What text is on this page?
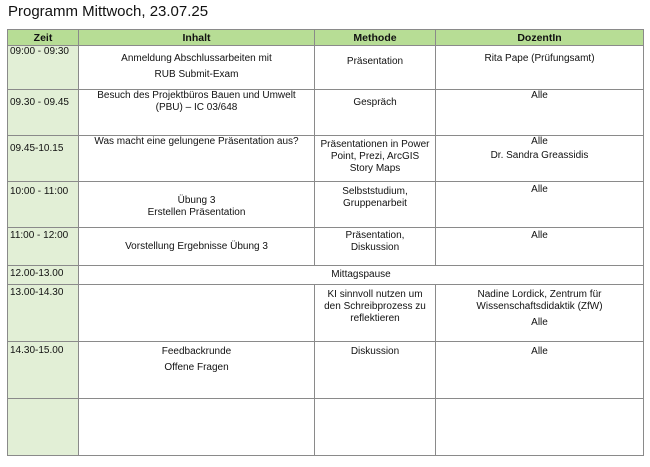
Programm Mittwoch, 23.07.25
Zeit	Inhalt	Methode	DozentIn
09:00 - 09:30	Anmeldung Abschlussarbeiten mit
RUB Submit-Exam	Präsentation	Rita Pape (Prüfungsamt)

09.30 - 09.45	Besuch des Projektbüros Bauen und Umwelt
(PBU) – IC 03/648	Gespräch	Alle

09.45-10.15	Was macht eine gelungene Präsentation aus?	Präsentationen in Power
Point, Prezi, ArcGIS
Story Maps	Alle
Dr. Sandra Greassidis

10:00 - 11:00	Übung 3
Erstellen Präsentation	Selbststudium,
Gruppenarbeit	Alle

11:00 - 12:00	Vorstellung Ergebnisse Übung 3	Präsentation,
Diskussion	Alle

12.00-13.00	Mittagspause		
13.00-14.30		KI sinnvoll nutzen um
den Schreibprozess zu
reflektieren	Nadine Lordick, Zentrum für
Wissenschaftsdidaktik (ZfW)
Alle

14.30-15.00	Feedbackrunde
Offene Fragen	Diskussion	Alle
